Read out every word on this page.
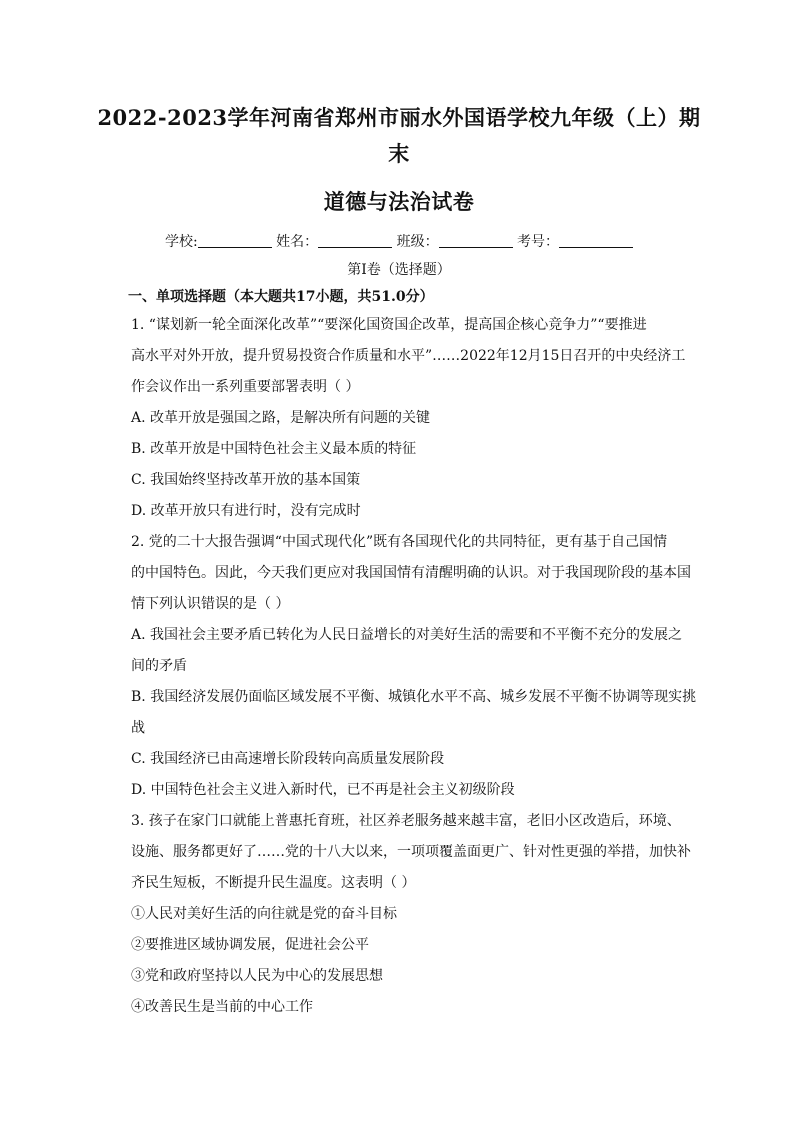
2022-2023学年河南省郑州市丽水外国语学校九年级（上）期末
道德与法治试卷
学校:	姓名：	班级：	考号：
第I卷（选择题）
一、单项选择题（本大题共17小题，共51.0分）
1. “谋划新一轮全面深化改革”“要深化国资国企改革，提高国企核心竞争力”“要推进
高水平对外开放，提升贸易投资合作质量和水平”……2022年12月15日召开的中央经济工
作会议作出一系列重要部署表明（ ）
A. 改革开放是强国之路，是解决所有问题的关键
B. 改革开放是中国特色社会主义最本质的特征
C. 我国始终坚持改革开放的基本国策
D. 改革开放只有进行时，没有完成时
2. 党的二十大报告强调“中国式现代化”既有各国现代化的共同特征，更有基于自己国情
的中国特色。因此，今天我们更应对我国国情有清醒明确的认识。对于我国现阶段的基本国
情下列认识错误的是（ ）
A. 我国社会主要矛盾已转化为人民日益增长的对美好生活的需要和不平衡不充分的发展之
间的矛盾
B. 我国经济发展仍面临区域发展不平衡、城镇化水平不高、城乡发展不平衡不协调等现实挑
战
C. 我国经济已由高速增长阶段转向高质量发展阶段
D. 中国特色社会主义进入新时代，已不再是社会主义初级阶段
3. 孩子在家门口就能上普惠托育班，社区养老服务越来越丰富，老旧小区改造后，环境、
设施、服务都更好了……党的十八大以来，一项项覆盖面更广、针对性更强的举措，加快补
齐民生短板，不断提升民生温度。这表明（ ）
①人民对美好生活的向往就是党的奋斗目标
②要推进区域协调发展，促进社会公平
③党和政府坚持以人民为中心的发展思想
④改善民生是当前的中心工作
